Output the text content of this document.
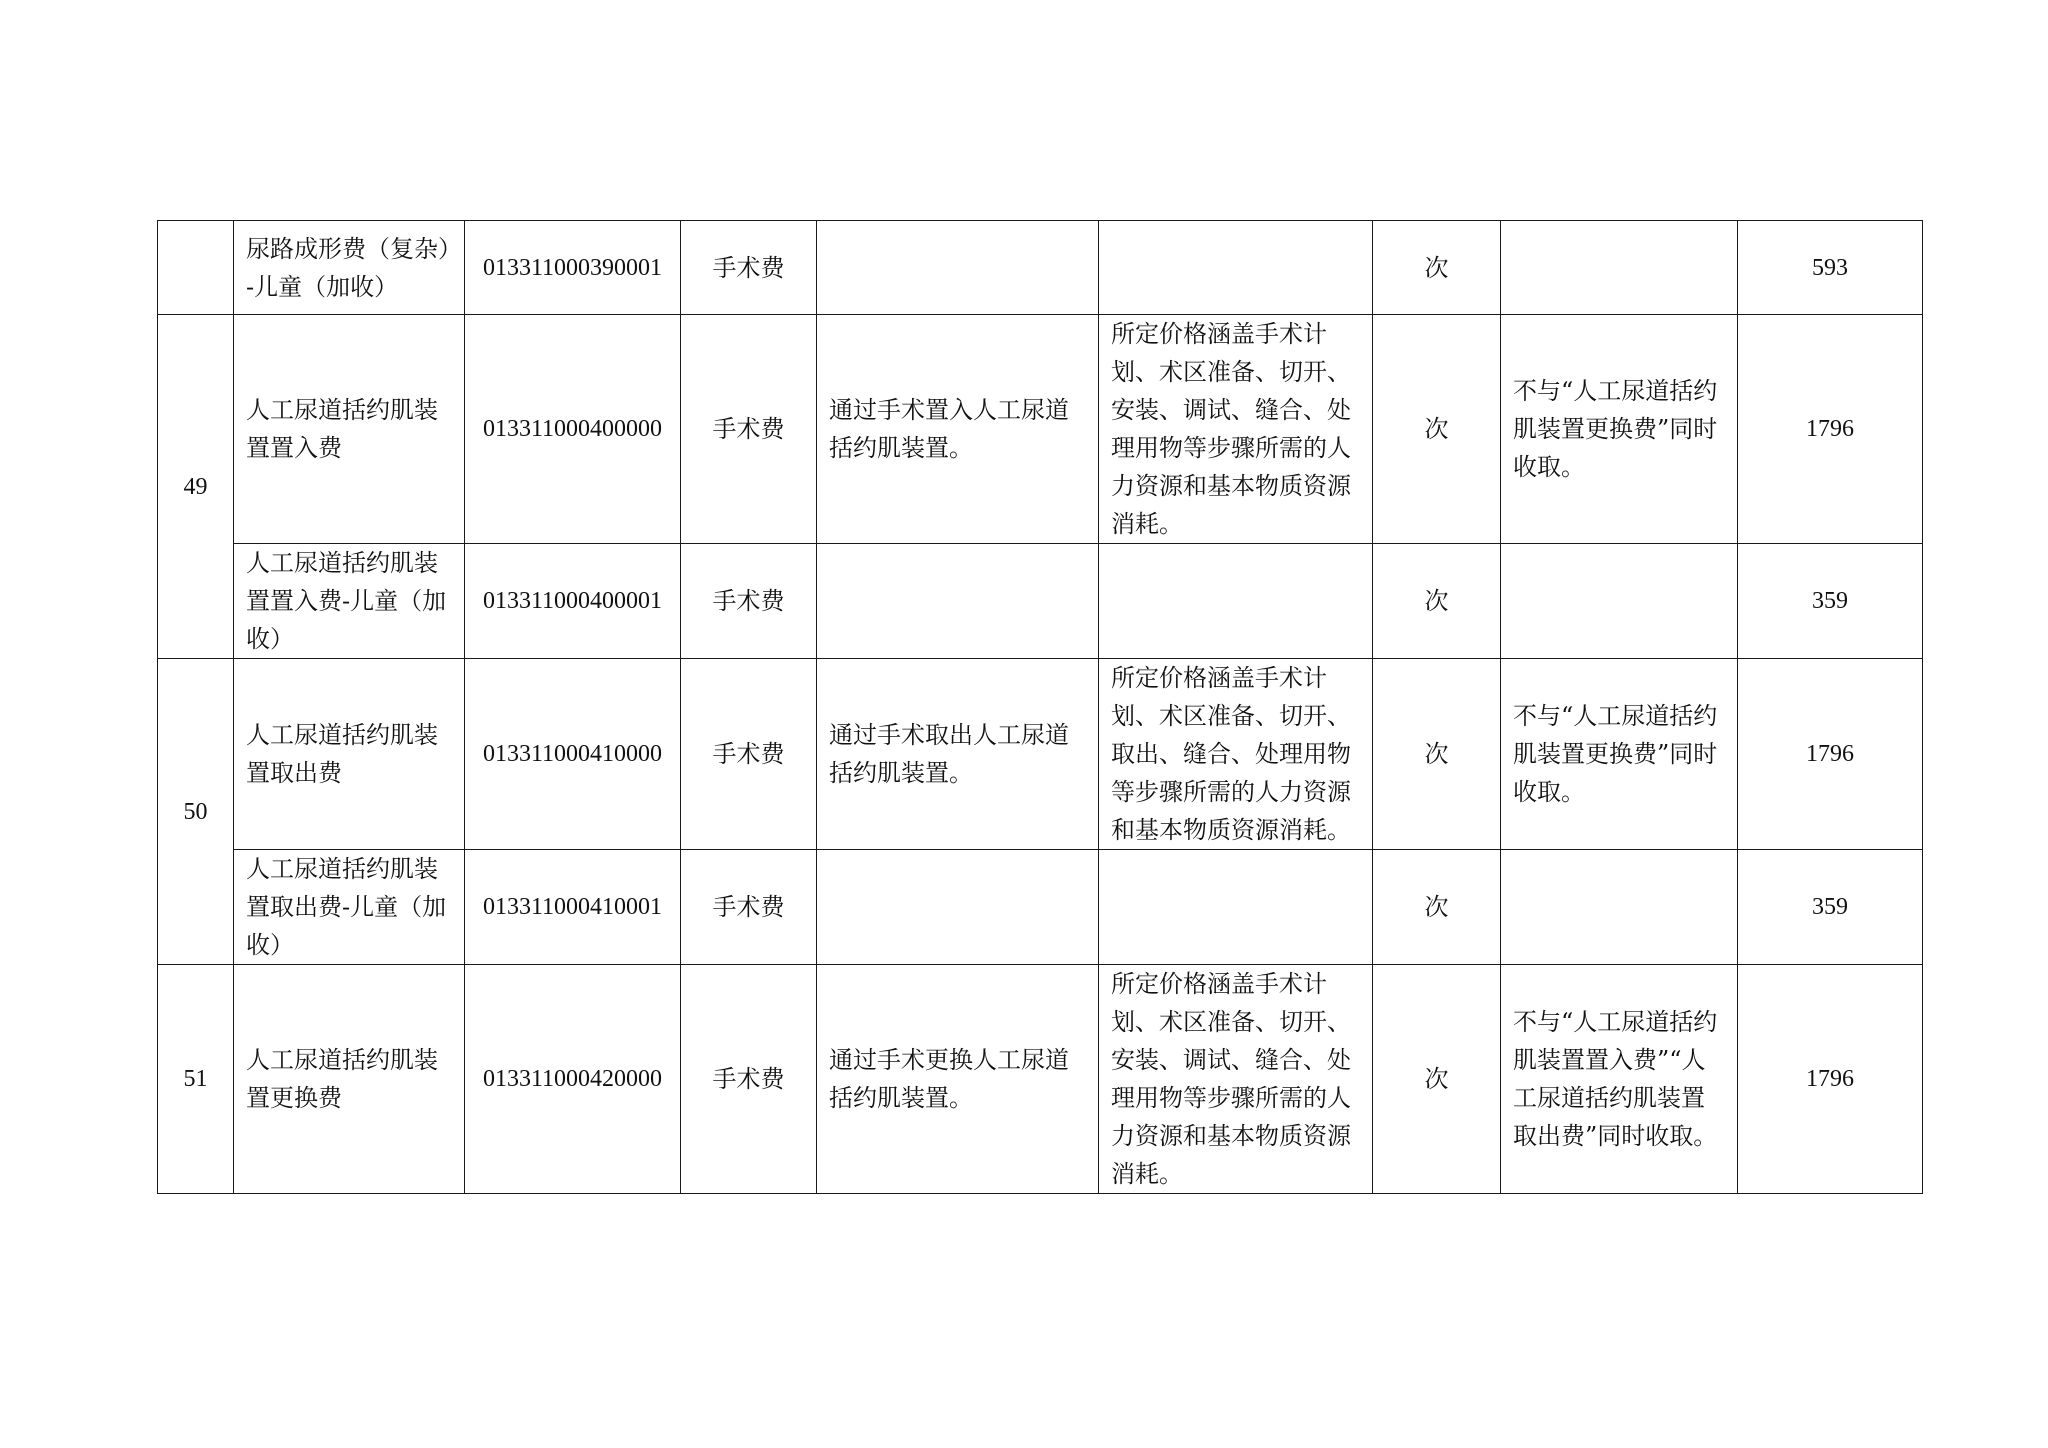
	尿路成形费（复杂）-儿童（加收）	013311000390001	手术费			次		593
49	人工尿道括约肌装置置入费	013311000400000	手术费	通过手术置入人工尿道括约肌装置。	所定价格涵盖手术计划、术区准备、切开、安装、调试、缝合、处理用物等步骤所需的人力资源和基本物质资源消耗。	次	不与“人工尿道括约肌装置更换费”同时收取。	1796
	人工尿道括约肌装置置入费-儿童（加收）	013311000400001	手术费			次		359
50	人工尿道括约肌装置取出费	013311000410000	手术费	通过手术取出人工尿道括约肌装置。	所定价格涵盖手术计划、术区准备、切开、取出、缝合、处理用物等步骤所需的人力资源和基本物质资源消耗。	次	不与“人工尿道括约肌装置更换费”同时收取。	1796
	人工尿道括约肌装置取出费-儿童（加收）	013311000410001	手术费			次		359
51	人工尿道括约肌装置更换费	013311000420000	手术费	通过手术更换人工尿道括约肌装置。	所定价格涵盖手术计划、术区准备、切开、安装、调试、缝合、处理用物等步骤所需的人力资源和基本物质资源消耗。	次	不与“人工尿道括约肌装置置入费”“人工尿道括约肌装置取出费”同时收取。	1796
